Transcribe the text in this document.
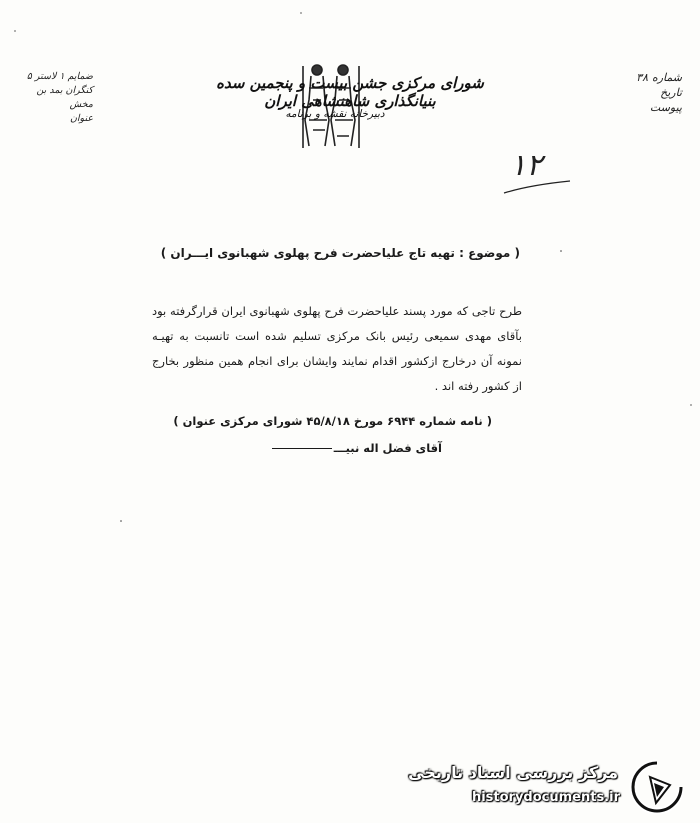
شماره
۳۸
تاریخ
پیوست
ضمایم ۱ لاستر ۵
کنگران بمد بن مخش
عنوان
شورای مرکزی جشن بیست و پنجمین سده بنیانگذاری شاهنشاهی ایران
دبیرخانه نقشه و برنامه
۱۲
( موضوع : تهیه تاج علیاحضرت فرح پهلوی شهبانوی ایـــران )
طرح تاجی که مورد پسند علیاحضرت فرح پهلوی شهبانوی ایران قرارگرفته بود بآقای مهدی سمیعی رئیس بانک مرکزی تسلیم شده است تانسبت به تهیـه نمونه آن درخارج ازکشور اقدام نمایند وایشان برای انجام همین منظور بخارج از کشور رفته اند .
( نامه شماره ۶۹۴۴ مورخ ۴۵/۸/۱۸ شورای مرکزی عنوان )
آقای فضل اله نبیـــ
مرکز بررسی اسناد تاریخی
historydocuments.ir
